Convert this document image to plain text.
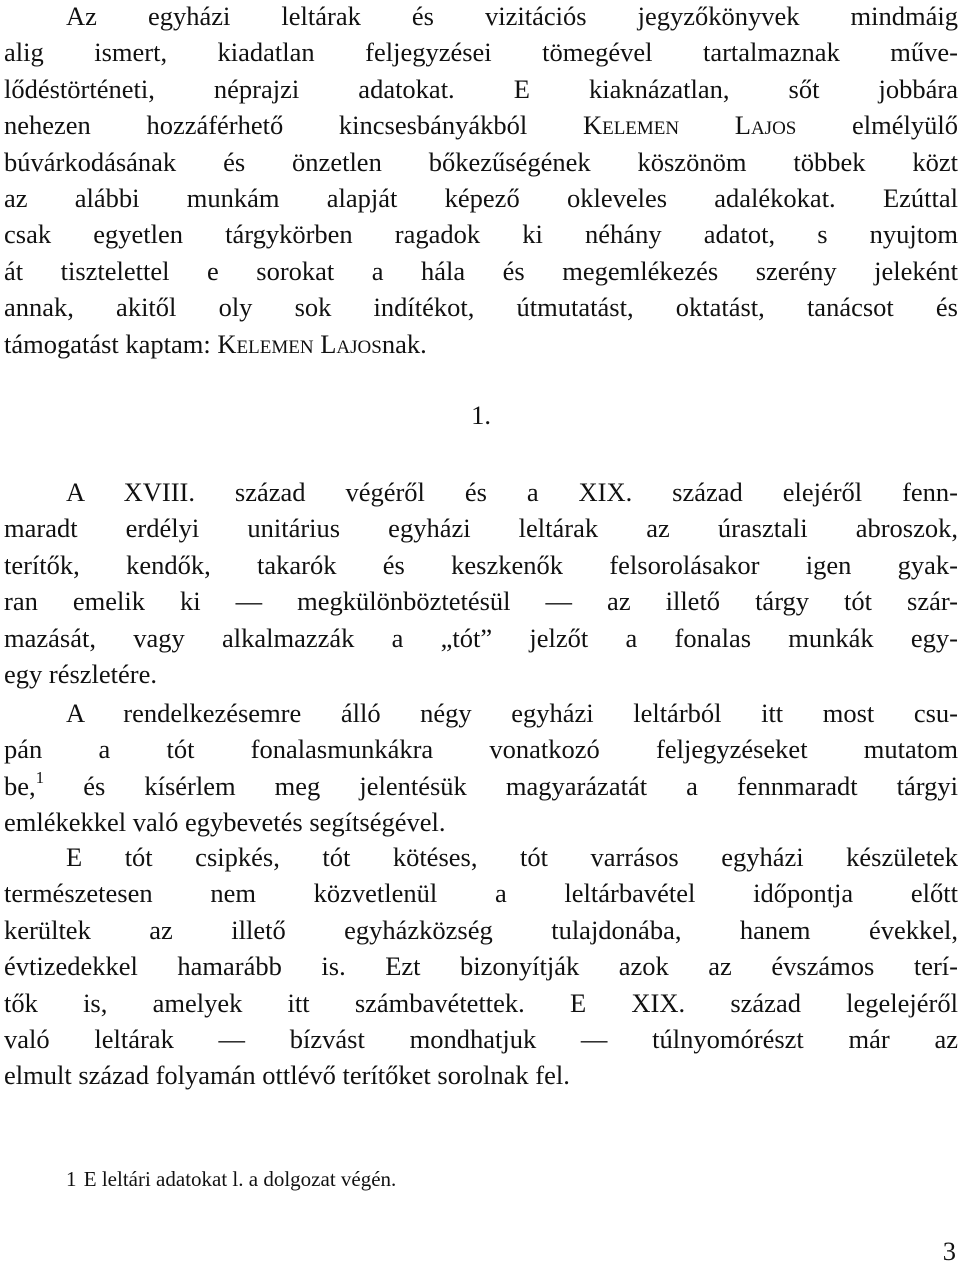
Az egyházi leltárak és vizitációs jegyzőkönyvek mindmáig
alig ismert, kiadatlan feljegyzései tömegével tartalmaznak műve-
lődéstörténeti, néprajzi adatokat. E kiaknázatlan, sőt jobbára
nehezen hozzáférhető kincsesbányákból Kelemen Lajos elmélyülő
búvárkodásának és önzetlen bőkezűségének köszönöm többek közt
az alábbi munkám alapját képező okleveles adalékokat. Ezúttal
csak egyetlen tárgykörben ragadok ki néhány adatot, s nyujtom
át tisztelettel e sorokat a hála és megemlékezés szerény jeleként
annak, akitől oly sok indítékot, útmutatást, oktatást, tanácsot és
támogatást kaptam: Kelemen Lajosnak.

1.

A XVIII. század végéről és a XIX. század elejéről fenn-
maradt erdélyi unitárius egyházi leltárak az úrasztali abroszok,
terítők, kendők, takarók és keszkenők felsorolásakor igen gyak-
ran emelik ki — megkülönböztetésül — az illető tárgy tót szár-
mazását, vagy alkalmazzák a „tót” jelzőt a fonalas munkák egy-
egy részletére.
A rendelkezésemre álló négy egyházi leltárból itt most csu-
pán a tót fonalasmunkákra vonatkozó feljegyzéseket mutatom
be,$^1$ és kísérlem meg jelentésük magyarázatát a fennmaradt tárgyi
emlékekkel való egybevetés segítségével.
E tót csipkés, tót kötéses, tót varrásos egyházi készületek
természetesen nem közvetlenül a leltárbavétel időpontja előtt
kerültek az illető egyházközség tulajdonába, hanem évekkel,
évtizedekkel hamarább is. Ezt bizonyítják azok az évszámos terí-
tők is, amelyek itt számbavétettek. E XIX. század legelejéről
való leltárak — bízvást mondhatjuk — túlnyomórészt már az
elmult század folyamán ottlévő terítőket sorolnak fel.

1 E leltári adatokat l. a dolgozat végén.

3
